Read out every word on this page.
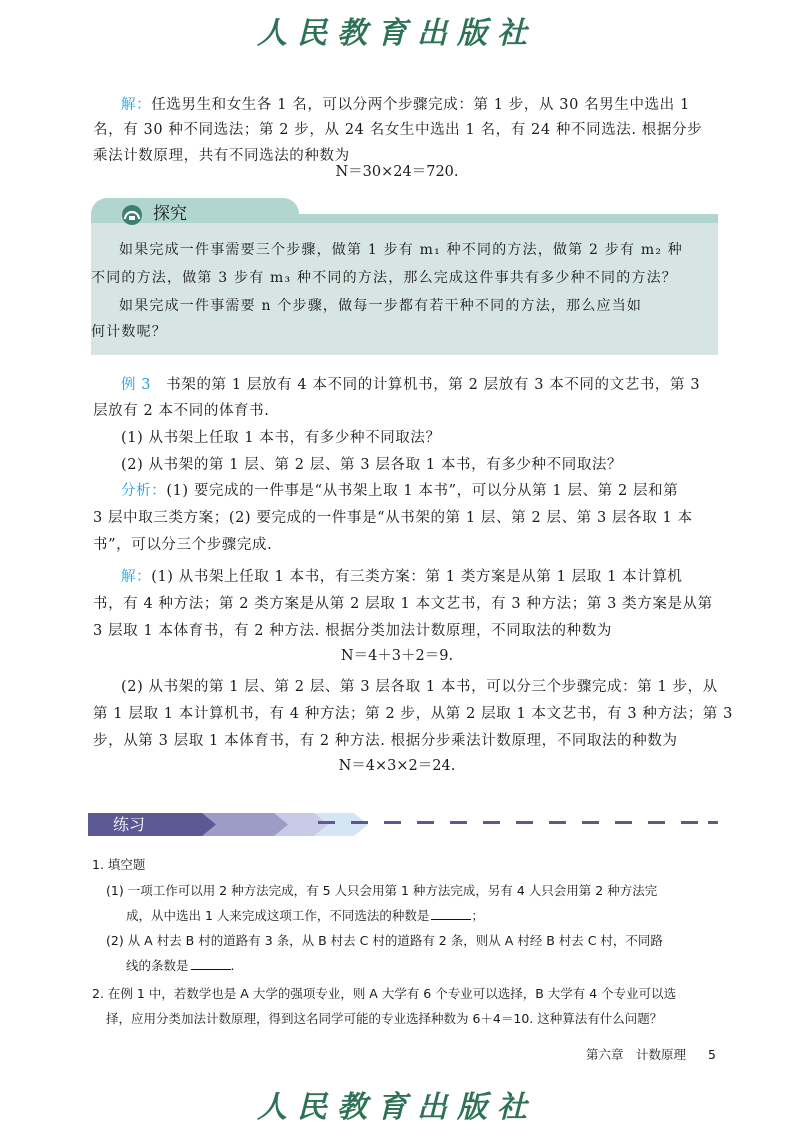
人民教育出版社
解：任选男生和女生各 1 名，可以分两个步骤完成：第 1 步，从 30 名男生中选出 1
名，有 30 种不同选法；第 2 步，从 24 名女生中选出 1 名，有 24 种不同选法. 根据分步
乘法计数原理，共有不同选法的种数为
N＝30×24＝720.
探究
如果完成一件事需要三个步骤，做第 1 步有 m₁ 种不同的方法，做第 2 步有 m₂ 种
不同的方法，做第 3 步有 m₃ 种不同的方法，那么完成这件事共有多少种不同的方法？
如果完成一件事需要 n 个步骤，做每一步都有若干种不同的方法，那么应当如
何计数呢？
例 3　 书架的第 1 层放有 4 本不同的计算机书，第 2 层放有 3 本不同的文艺书，第 3
层放有 2 本不同的体育书.
(1) 从书架上任取 1 本书，有多少种不同取法？
(2) 从书架的第 1 层、第 2 层、第 3 层各取 1 本书，有多少种不同取法？
分析：(1) 要完成的一件事是“从书架上取 1 本书”，可以分从第 1 层、第 2 层和第
3 层中取三类方案；(2) 要完成的一件事是“从书架的第 1 层、第 2 层、第 3 层各取 1 本
书”，可以分三个步骤完成.
解：(1) 从书架上任取 1 本书，有三类方案：第 1 类方案是从第 1 层取 1 本计算机
书，有 4 种方法；第 2 类方案是从第 2 层取 1 本文艺书，有 3 种方法；第 3 类方案是从第
3 层取 1 本体育书，有 2 种方法. 根据分类加法计数原理，不同取法的种数为
N＝4＋3＋2＝9.
(2) 从书架的第 1 层、第 2 层、第 3 层各取 1 本书，可以分三个步骤完成：第 1 步，从
第 1 层取 1 本计算机书，有 4 种方法；第 2 步，从第 2 层取 1 本文艺书，有 3 种方法；第 3
步，从第 3 层取 1 本体育书，有 2 种方法. 根据分步乘法计数原理，不同取法的种数为
N＝4×3×2＝24.
练习
1. 填空题
(1) 一项工作可以用 2 种方法完成，有 5 人只会用第 1 种方法完成，另有 4 人只会用第 2 种方法完
成，从中选出 1 人来完成这项工作，不同选法的种数是	；
(2) 从 A 村去 B 村的道路有 3 条，从 B 村去 C 村的道路有 2 条，则从 A 村经 B 村去 C 村，不同路
线的条数是	.
2. 在例 1 中，若数学也是 A 大学的强项专业，则 A 大学有 6 个专业可以选择，B 大学有 4 个专业可以选
择，应用分类加法计数原理，得到这名同学可能的专业选择种数为 6＋4＝10. 这种算法有什么问题？
第六章　计数原理 5
人民教育出版社
